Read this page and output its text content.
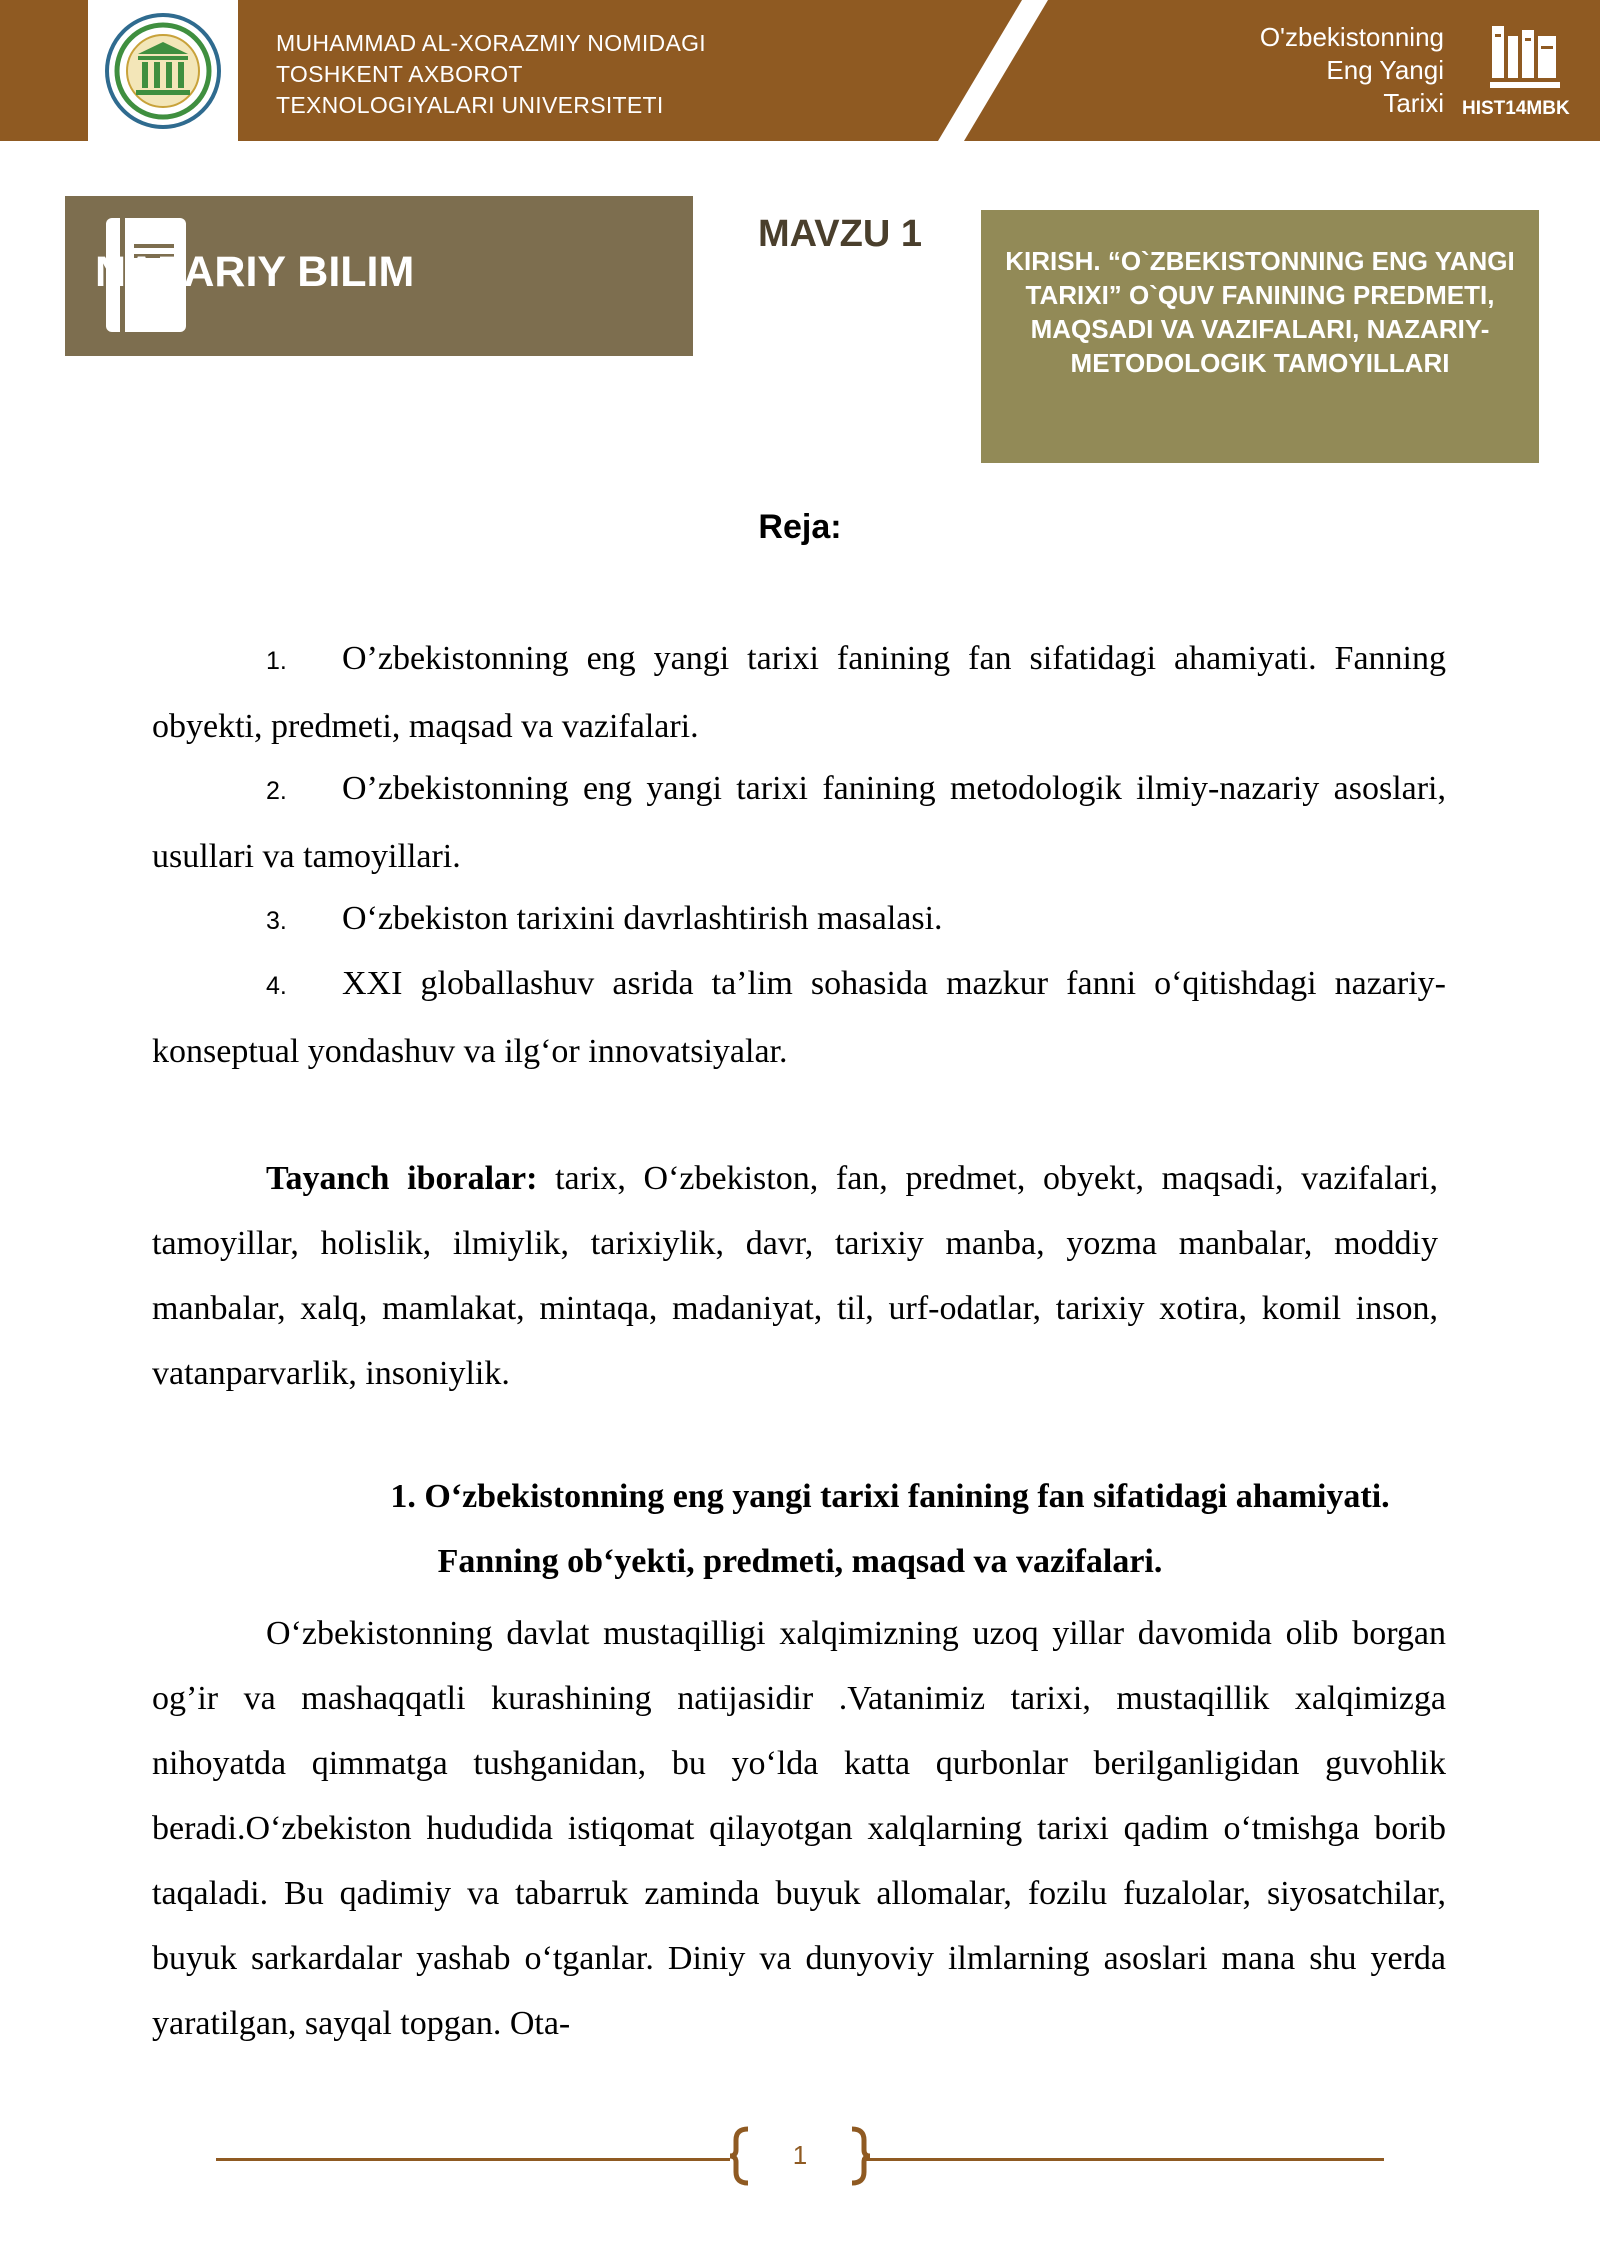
MUHAMMAD AL-XORAZMIY NOMIDAGI
TOSHKENT AXBOROT
TEXNOLOGIYALARI UNIVERSITETI
O'zbekistonning
Eng Yangi
Tarixi HIST14MBK
NAZARIY BILIM
MAVZU 1
KIRISH. “O`ZBEKISTONNING ENG YANGI TARIXI” O`QUV FANINING PREDMETI, MAQSADI VA VAZIFALARI, NAZARIY-METODOLOGIK TAMOYILLARI
Reja:
1. O’zbekistonning eng yangi tarixi fanining fan sifatidagi ahamiyati. Fanning obyekti, predmeti, maqsad va vazifalari.
2. O’zbekistonning eng yangi tarixi fanining metodologik ilmiy-nazariy asoslari, usullari va tamoyillari.
3. O‘zbekiston tarixini davrlashtirish masalasi.
4. XXI globallashuv asrida ta’lim sohasida mazkur fanni o‘qitishdagi nazariy-konseptual yondashuv va ilg‘or innovatsiyalar.
Tayanch iboralar: tarix, O‘zbekiston, fan, predmet, obyekt, maqsadi, vazifalari, tamoyillar, holislik, ilmiylik, tarixiylik, davr, tarixiy manba, yozma manbalar, moddiy manbalar, xalq, mamlakat, mintaqa, madaniyat, til, urf-odatlar, tarixiy xotira, komil inson, vatanparvarlik, insoniylik.
1. O‘zbekistonning eng yangi tarixi fanining fan sifatidagi ahamiyati.
Fanning ob‘yekti, predmeti, maqsad va vazifalari.
O‘zbekistonning davlat mustaqilligi xalqimizning uzoq yillar davomida olib borgan og’ir va mashaqqatli kurashining natijasidir .Vatanimiz tarixi, mustaqillik xalqimizga nihoyatda qimmatga tushganidan, bu yo‘lda katta qurbonlar berilganligidan guvohlik beradi.O‘zbekiston hududida istiqomat qilayotgan xalqlarning tarixi qadim o‘tmishga borib taqaladi. Bu qadimiy va tabarruk zaminda buyuk allomalar, fozilu fuzalolar, siyosatchilar, buyuk sarkardalar yashab o‘tganlar. Diniy va dunyoviy ilmlarning asoslari mana shu yerda yaratilgan, sayqal topgan. Ota-
1
